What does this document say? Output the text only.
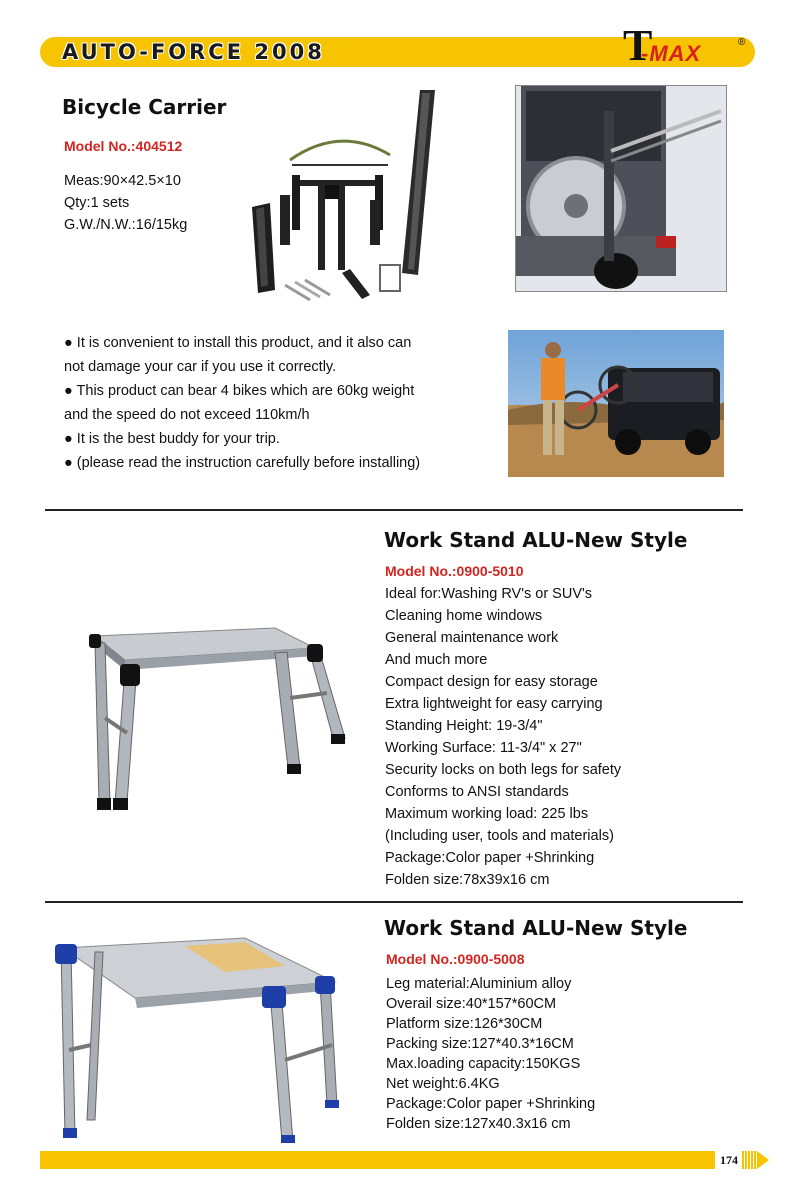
AUTO-FORCE 2008	T
-MAX	®
Bicycle Carrier
Model No.:404512
Meas:90×42.5×10
Qty:1 sets
G.W./N.W.:16/15kg
● It is convenient to install this product, and it also can
not damage your car if you use it correctly.
● This product can bear 4 bikes which are 60kg weight
and the speed do not exceed 110km/h
● It is the best buddy for your trip.
● (please read the instruction carefully before installing)
Work Stand ALU-New Style
Model No.:0900-5010
Ideal for:Washing RV's or SUV's
Cleaning home windows
General maintenance work
And much more
Compact design for easy storage
Extra lightweight for easy carrying
Standing Height: 19-3/4"
Working Surface: 11-3/4" x 27"
Security locks on both legs for safety
Conforms to ANSI standards
Maximum working load: 225 lbs
(Including user, tools and materials)
Package:Color paper +Shrinking
Folden size:78x39x16 cm
Work Stand ALU-New Style
Model No.:0900-5008
Leg material:Aluminium alloy
Overail size:40*157*60CM
Platform size:126*30CM
Packing size:127*40.3*16CM
Max.loading capacity:150KGS
Net weight:6.4KG
Package:Color paper +Shrinking
Folden size:127x40.3x16 cm
174
